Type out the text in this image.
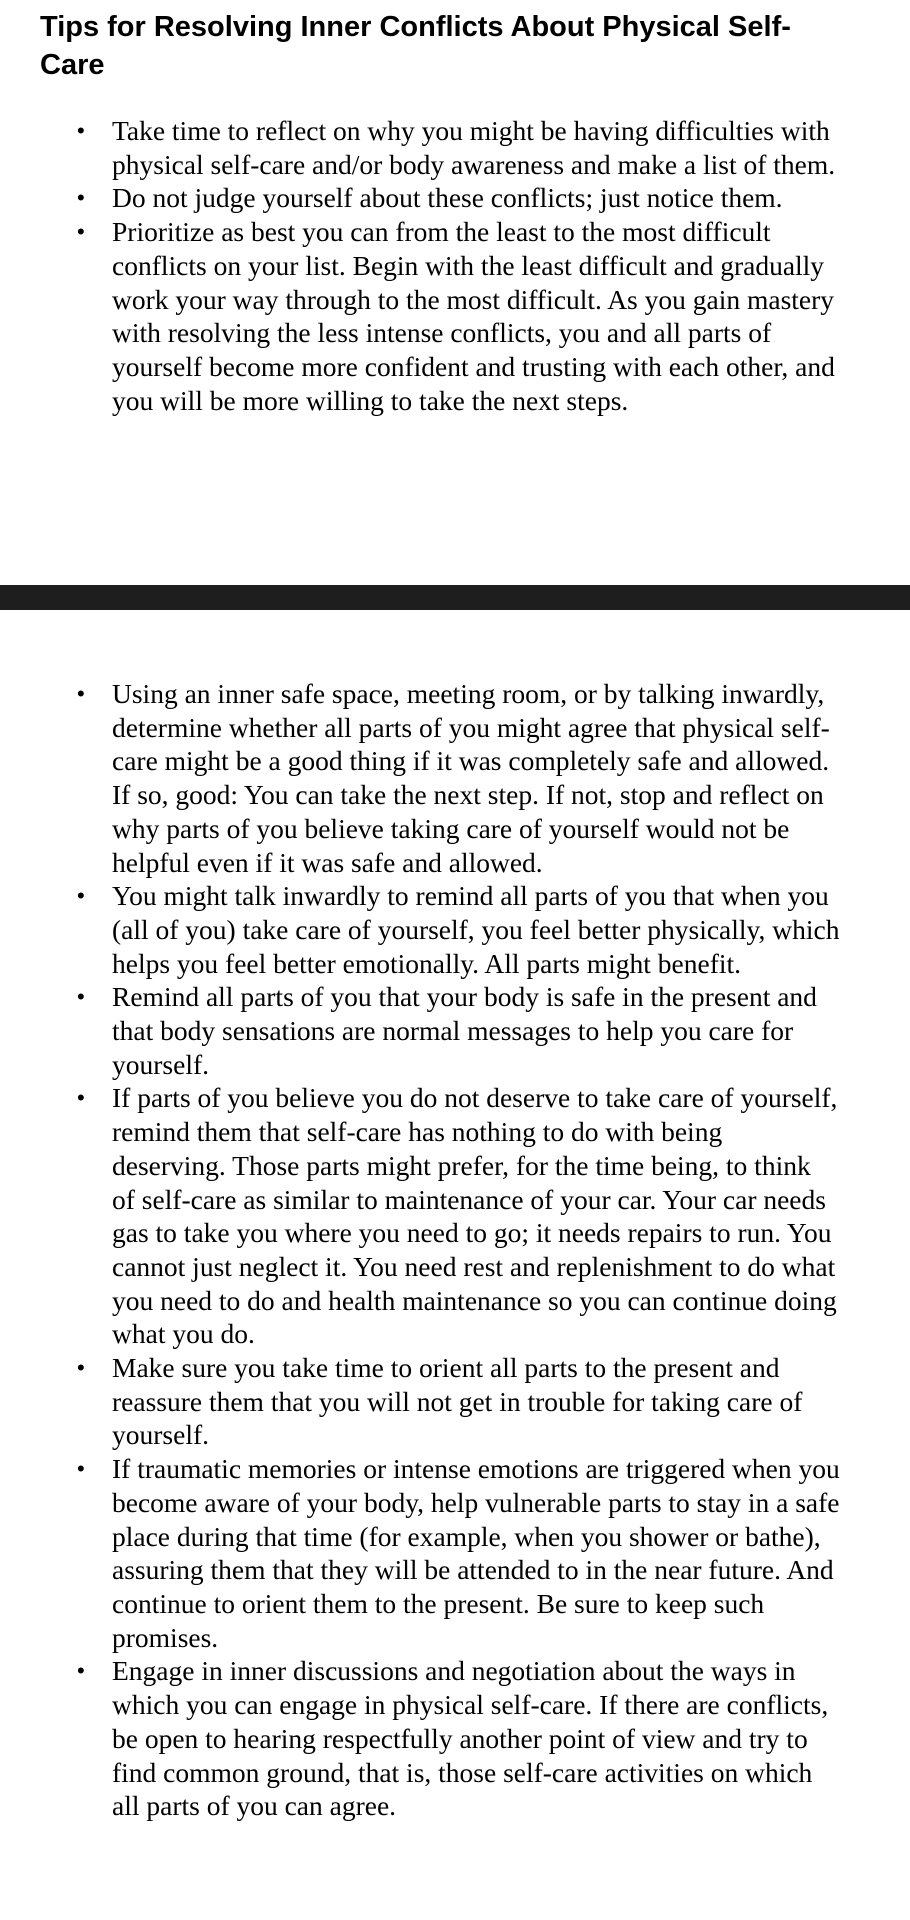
Tips for Resolving Inner Conflicts About Physical Self-Care
• Take time to reflect on why you might be having difficulties with physical self-care and/or body awareness and make a list of them.
• Do not judge yourself about these conflicts; just notice them.
• Prioritize as best you can from the least to the most difficult conflicts on your list. Begin with the least difficult and gradually work your way through to the most difficult. As you gain mastery with resolving the less intense conflicts, you and all parts of yourself become more confident and trusting with each other, and you will be more willing to take the next steps.
• Using an inner safe space, meeting room, or by talking inwardly, determine whether all parts of you might agree that physical self-care might be a good thing if it was completely safe and allowed. If so, good: You can take the next step. If not, stop and reflect on why parts of you believe taking care of yourself would not be helpful even if it was safe and allowed.
• You might talk inwardly to remind all parts of you that when you (all of you) take care of yourself, you feel better physically, which helps you feel better emotionally. All parts might benefit.
• Remind all parts of you that your body is safe in the present and that body sensations are normal messages to help you care for yourself.
• If parts of you believe you do not deserve to take care of yourself, remind them that self-care has nothing to do with being deserving. Those parts might prefer, for the time being, to think of self-care as similar to maintenance of your car. Your car needs gas to take you where you need to go; it needs repairs to run. You cannot just neglect it. You need rest and replenishment to do what you need to do and health maintenance so you can continue doing what you do.
• Make sure you take time to orient all parts to the present and reassure them that you will not get in trouble for taking care of yourself.
• If traumatic memories or intense emotions are triggered when you become aware of your body, help vulnerable parts to stay in a safe place during that time (for example, when you shower or bathe), assuring them that they will be attended to in the near future. And continue to orient them to the present. Be sure to keep such promises.
• Engage in inner discussions and negotiation about the ways in which you can engage in physical self-care. If there are conflicts, be open to hearing respectfully another point of view and try to find common ground, that is, those self-care activities on which all parts of you can agree.
